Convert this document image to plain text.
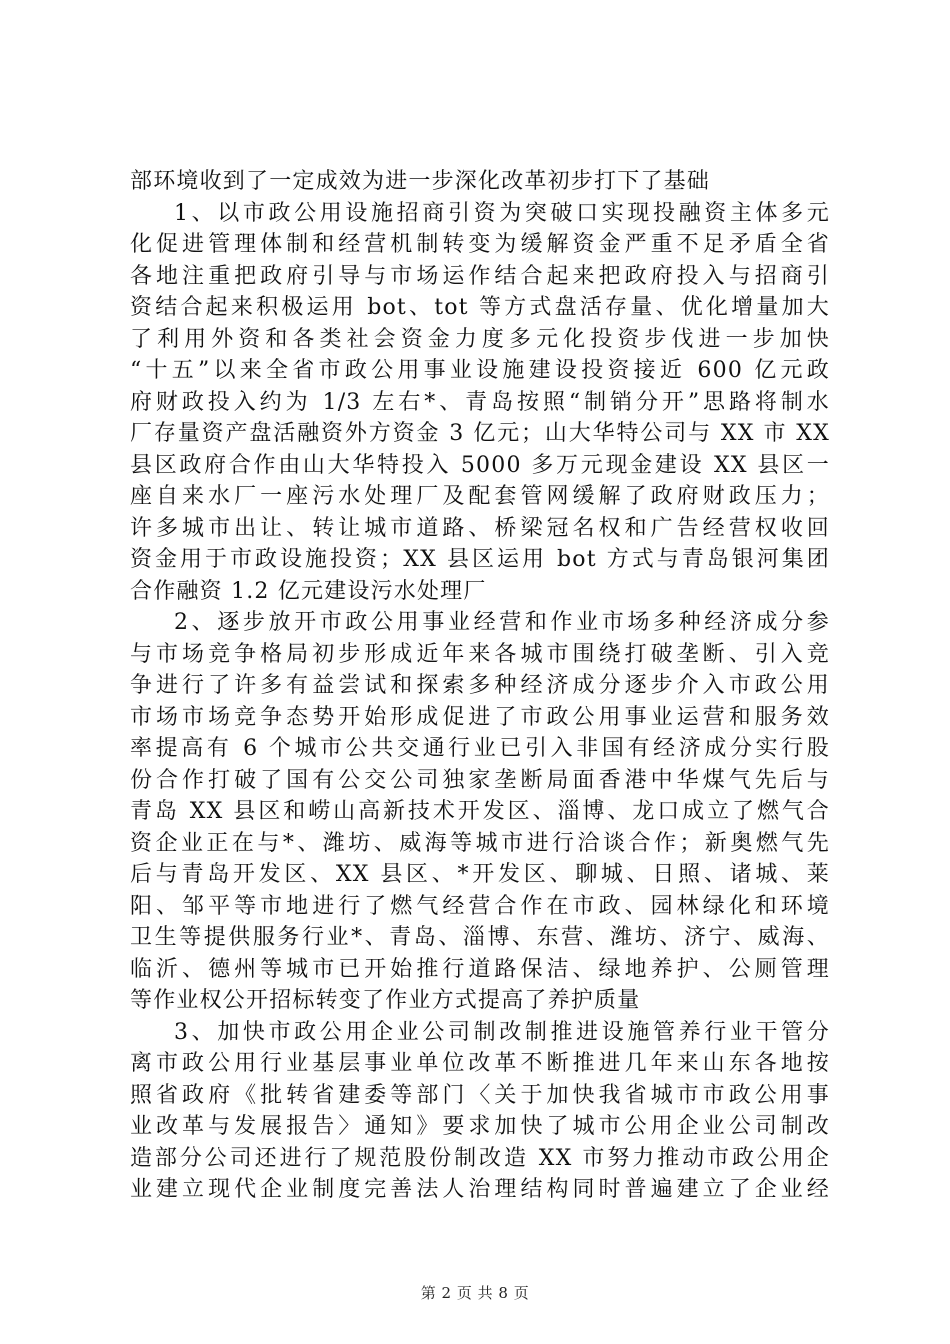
部环境收到了一定成效为进一步深化改革初步打下了基础
1、以市政公用设施招商引资为突破口实现投融资主体多元
化促进管理体制和经营机制转变为缓解资金严重不足矛盾全省
各地注重把政府引导与市场运作结合起来把政府投入与招商引
资结合起来积极运用 bot、tot 等方式盘活存量、优化增量加大
了利用外资和各类社会资金力度多元化投资步伐进一步加快
“十五”以来全省市政公用事业设施建设投资接近 600 亿元政
府财政投入约为 1/3 左右*、青岛按照“制销分开”思路将制水
厂存量资产盘活融资外方资金 3 亿元；山大华特公司与 XX 市 XX
县区政府合作由山大华特投入 5000 多万元现金建设 XX 县区一
座自来水厂一座污水处理厂及配套管网缓解了政府财政压力；
许多城市出让、转让城市道路、桥梁冠名权和广告经营权收回
资金用于市政设施投资；XX 县区运用 bot 方式与青岛银河集团
合作融资 1.2 亿元建设污水处理厂
2、逐步放开市政公用事业经营和作业市场多种经济成分参
与市场竞争格局初步形成近年来各城市围绕打破垄断、引入竞
争进行了许多有益尝试和探索多种经济成分逐步介入市政公用
市场市场竞争态势开始形成促进了市政公用事业运营和服务效
率提高有 6 个城市公共交通行业已引入非国有经济成分实行股
份合作打破了国有公交公司独家垄断局面香港中华煤气先后与
青岛 XX 县区和崂山高新技术开发区、淄博、龙口成立了燃气合
资企业正在与*、潍坊、威海等城市进行洽谈合作；新奥燃气先
后与青岛开发区、XX 县区、*开发区、聊城、日照、诸城、莱
阳、邹平等市地进行了燃气经营合作在市政、园林绿化和环境
卫生等提供服务行业*、青岛、淄博、东营、潍坊、济宁、威海、
临沂、德州等城市已开始推行道路保洁、绿地养护、公厕管理
等作业权公开招标转变了作业方式提高了养护质量
3、加快市政公用企业公司制改制推进设施管养行业干管分
离市政公用行业基层事业单位改革不断推进几年来山东各地按
照省政府《批转省建委等部门〈关于加快我省城市市政公用事
业改革与发展报告〉通知》要求加快了城市公用企业公司制改
造部分公司还进行了规范股份制改造 XX 市努力推动市政公用企
业建立现代企业制度完善法人治理结构同时普遍建立了企业经
第 2 页 共 8 页
